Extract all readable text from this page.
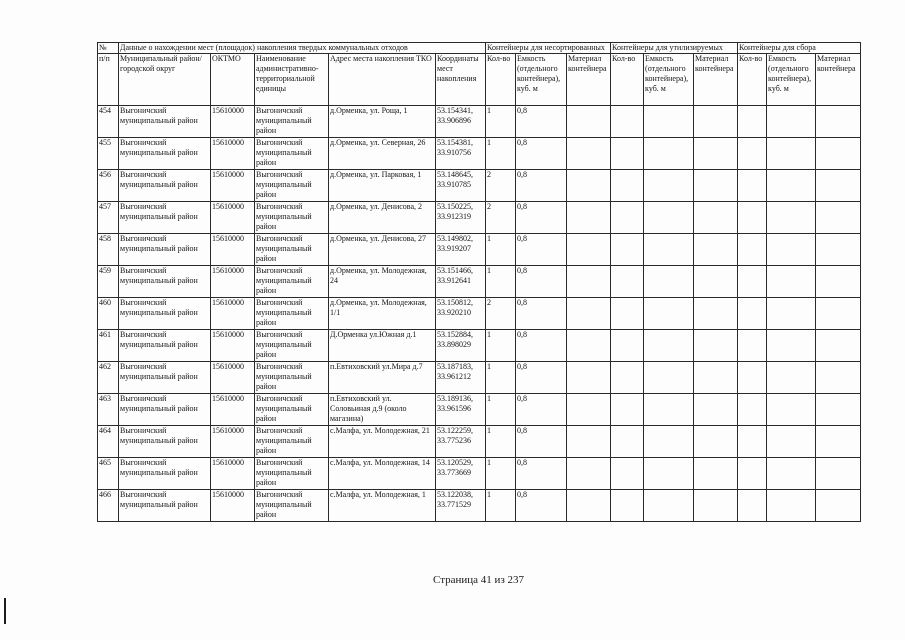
№	Данные о нахождении мест (площадок) накопления твердых коммунальных отходов					Контейнеры для несортированных			Контейнеры для утилизируемых			Контейнеры для сбора		
п/п	Муниципальный район/городской округ	ОКТМО	Наименование административно-территориальной единицы	Адрес места накопления ТКО	Координаты мест накопления	Кол-во	Емкость (отдельного контейнера), куб. м	Материал контейнера	Кол-во	Емкость (отдельного контейнера), куб. м	Материал контейнера	Кол-во	Емкость (отдельного контейнера), куб. м	Материал контейнера
454	Выгоничский муниципальный район	15610000	Выгоничский муниципальный район	д.Орменка, ул. Роща, 1	53.154341, 33.906896	1	0,8							
455	Выгоничский муниципальный район	15610000	Выгоничский муниципальный район	д.Орменка, ул. Северная, 26	53.154381, 33.910756	1	0,8							
456	Выгоничский муниципальный район	15610000	Выгоничский муниципальный район	д.Орменка, ул. Парковая, 1	53.148645, 33.910785	2	0,8							
457	Выгоничский муниципальный район	15610000	Выгоничский муниципальный район	д.Орменка, ул. Денисова, 2	53.150225, 33.912319	2	0,8							
458	Выгоничский муниципальный район	15610000	Выгоничский муниципальный район	д.Орменка, ул. Денисова, 27	53.149802, 33.919207	1	0,8							
459	Выгоничский муниципальный район	15610000	Выгоничский муниципальный район	д.Орменка, ул. Молодежная, 24	53.151466, 33.912641	1	0,8							
460	Выгоничский муниципальный район	15610000	Выгоничский муниципальный район	д.Орменка, ул. Молодежная, 1/1	53.150812, 33.920210	2	0,8							
461	Выгоничский муниципальный район	15610000	Выгоничский муниципальный район	Д.Орменка ул.Южная д.1	53.152884, 33.898029	1	0,8							
462	Выгоничский муниципальный район	15610000	Выгоничский муниципальный район	п.Евтиховский ул.Мира д.7	53.187183, 33.961212	1	0,8							
463	Выгоничский муниципальный район	15610000	Выгоничский муниципальный район	п.Евтиховский ул. Соловьиная д.9 (около магазина)	53.189136, 33.961596	1	0,8							
464	Выгоничский муниципальный район	15610000	Выгоничский муниципальный район	с.Малфа, ул. Молодежная, 21	53.122259, 33.775236	1	0,8							
465	Выгоничский муниципальный район	15610000	Выгоничский муниципальный район	с.Малфа, ул. Молодежная, 14	53.120529, 33.773669	1	0,8							
466	Выгоничский муниципальный район	15610000	Выгоничский муниципальный район	с.Малфа, ул. Молодежная, 1	53.122038, 33.771529	1	0,8							
Страница 41 из 237
